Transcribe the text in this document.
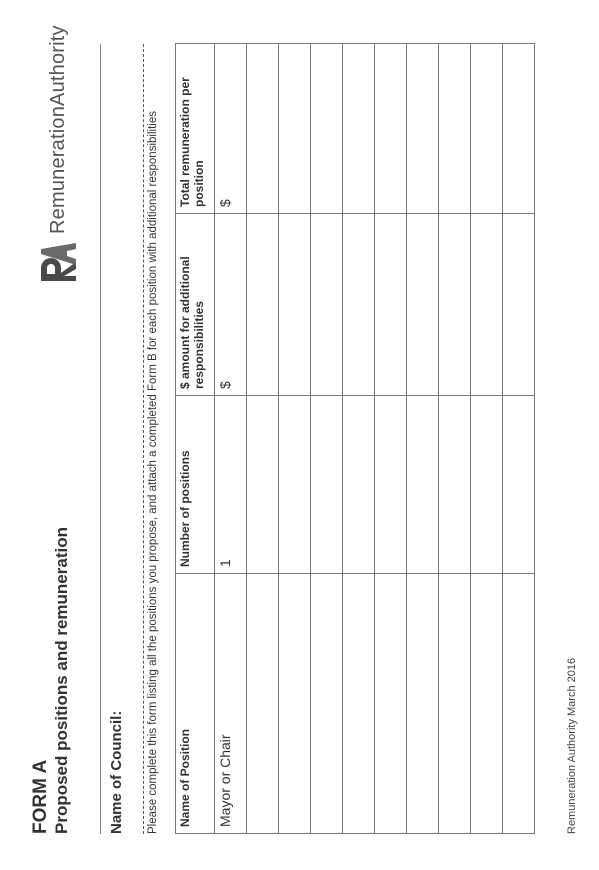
FORM A Proposed positions and remuneration
RemunerationAuthority
Name of Council: Please complete this form listing all the positions you propose, and attach a completed Form B for each position with additional responsibilities Name of Position	Number of positions	$ amount for additional responsibilities	Total remuneration per position
Mayor or Chair	1	$	$

Remuneration Authority March 2016
